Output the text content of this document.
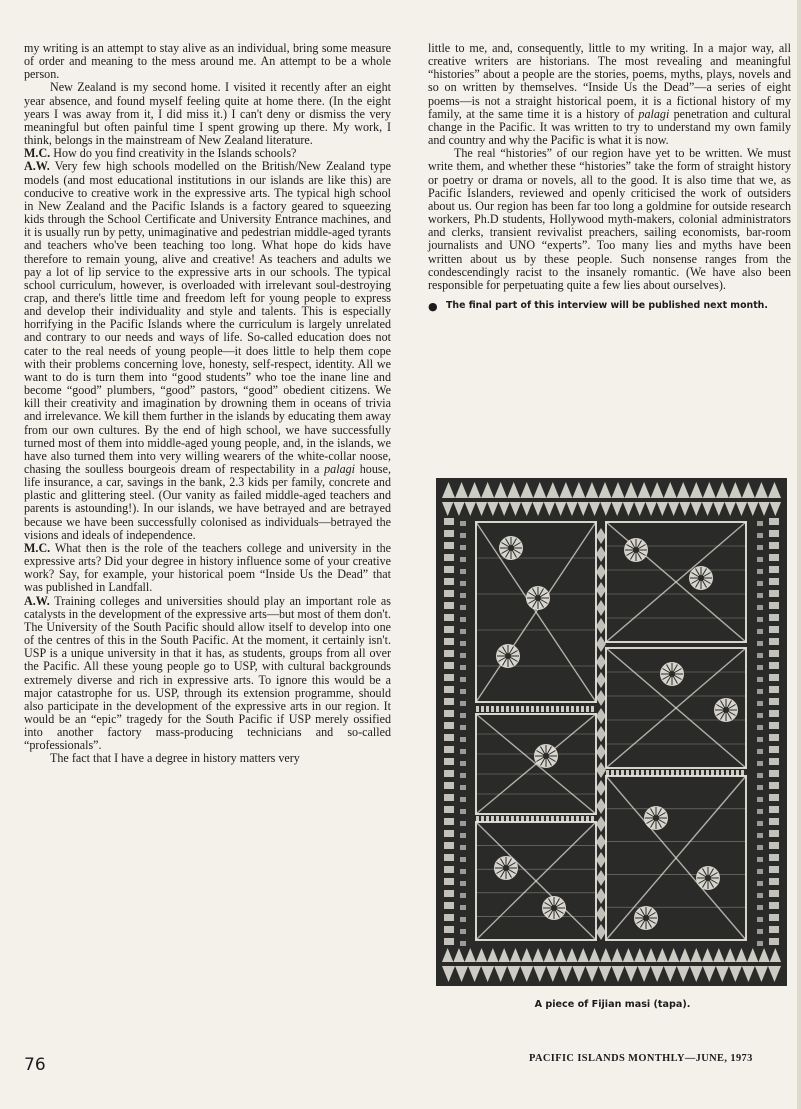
my writing is an attempt to stay alive as an individual, bring some measure of order and meaning to the mess around me. An attempt to be a whole person.

New Zealand is my second home. I visited it recently after an eight year absence, and found myself feeling quite at home there. (In the eight years I was away from it, I did miss it.) I can't deny or dismiss the very meaningful but often painful time I spent growing up there. My work, I think, belongs in the mainstream of New Zealand literature.

M.C. How do you find creativity in the Islands schools?

A.W. Very few high schools modelled on the British/New Zealand type models (and most educational institutions in our islands are like this) are conducive to creative work in the expressive arts. The typical high school in New Zealand and the Pacific Islands is a factory geared to squeezing kids through the School Certificate and University Entrance machines, and it is usually run by petty, unimaginative and pedestrian middle-aged tyrants and teachers who've been teaching too long. What hope do kids have therefore to remain young, alive and creative! As teachers and adults we pay a lot of lip service to the expressive arts in our schools. The typical school curriculum, however, is overloaded with irrelevant soul-destroying crap, and there's little time and freedom left for young people to express and develop their individuality and style and talents. This is especially horrifying in the Pacific Islands where the curriculum is largely unrelated and contrary to our needs and ways of life. So-called education does not cater to the real needs of young people—it does little to help them cope with their problems concerning love, honesty, self-respect, identity. All we want to do is turn them into “good students” who toe the inane line and become “good” plumbers, “good” pastors, “good” obedient citizens. We kill their creativity and imagination by drowning them in oceans of trivia and irrelevance. We kill them further in the islands by educating them away from our own cultures. By the end of high school, we have successfully turned most of them into middle-aged young people, and, in the islands, we have also turned them into very willing wearers of the white-collar noose, chasing the soulless bourgeois dream of respectability in a palagi house, life insurance, a car, savings in the bank, 2.3 kids per family, concrete and plastic and glittering steel. (Our vanity as failed middle-aged teachers and parents is astounding!). In our islands, we have betrayed and are betrayed because we have been successfully colonised as individuals—betrayed the visions and ideals of independence.

M.C. What then is the role of the teachers college and university in the expressive arts? Did your degree in history influence some of your creative work? Say, for example, your historical poem “Inside Us the Dead” that was published in Landfall.

A.W. Training colleges and universities should play an important role as catalysts in the development of the expressive arts—but most of them don't. The University of the South Pacific should allow itself to develop into one of the centres of this in the South Pacific. At the moment, it certainly isn't. USP is a unique university in that it has, as students, groups from all over the Pacific. All these young people go to USP, with cultural backgrounds extremely diverse and rich in expressive arts. To ignore this would be a major catastrophe for us. USP, through its extension programme, should also participate in the development of the expressive arts in our region. It would be an “epic” tragedy for the South Pacific if USP merely ossified into another factory mass-producing technicians and so-called “professionals”.

The fact that I have a degree in history matters very

little to me, and, consequently, little to my writing. In a major way, all creative writers are historians. The most revealing and meaningful “histories” about a people are the stories, poems, myths, plays, novels and so on written by themselves. “Inside Us the Dead”—a series of eight poems—is not a straight historical poem, it is a fictional history of my family, at the same time it is a history of palagi penetration and cultural change in the Pacific. It was written to try to understand my own family and country and why the Pacific is what it is now.

The real “histories” of our region have yet to be written. We must write them, and whether these “histories” take the form of straight history or poetry or drama or novels, all to the good. It is also time that we, as Pacific Islanders, reviewed and openly criticised the work of outsiders about us. Our region has been far too long a goldmine for outside research workers, Ph.D students, Hollywood myth-makers, colonial administrators and clerks, transient revivalist preachers, sailing economists, bar-room journalists and UNO “experts”. Too many lies and myths have been written about us by these people. Such nonsense ranges from the condescendingly racist to the insanely romantic. (We have also been responsible for perpetuating quite a few lies about ourselves).

● The final part of this interview will be published next month.
A piece of Fijian masi (tapa).
76	PACIFIC ISLANDS MONTHLY—JUNE, 1973
